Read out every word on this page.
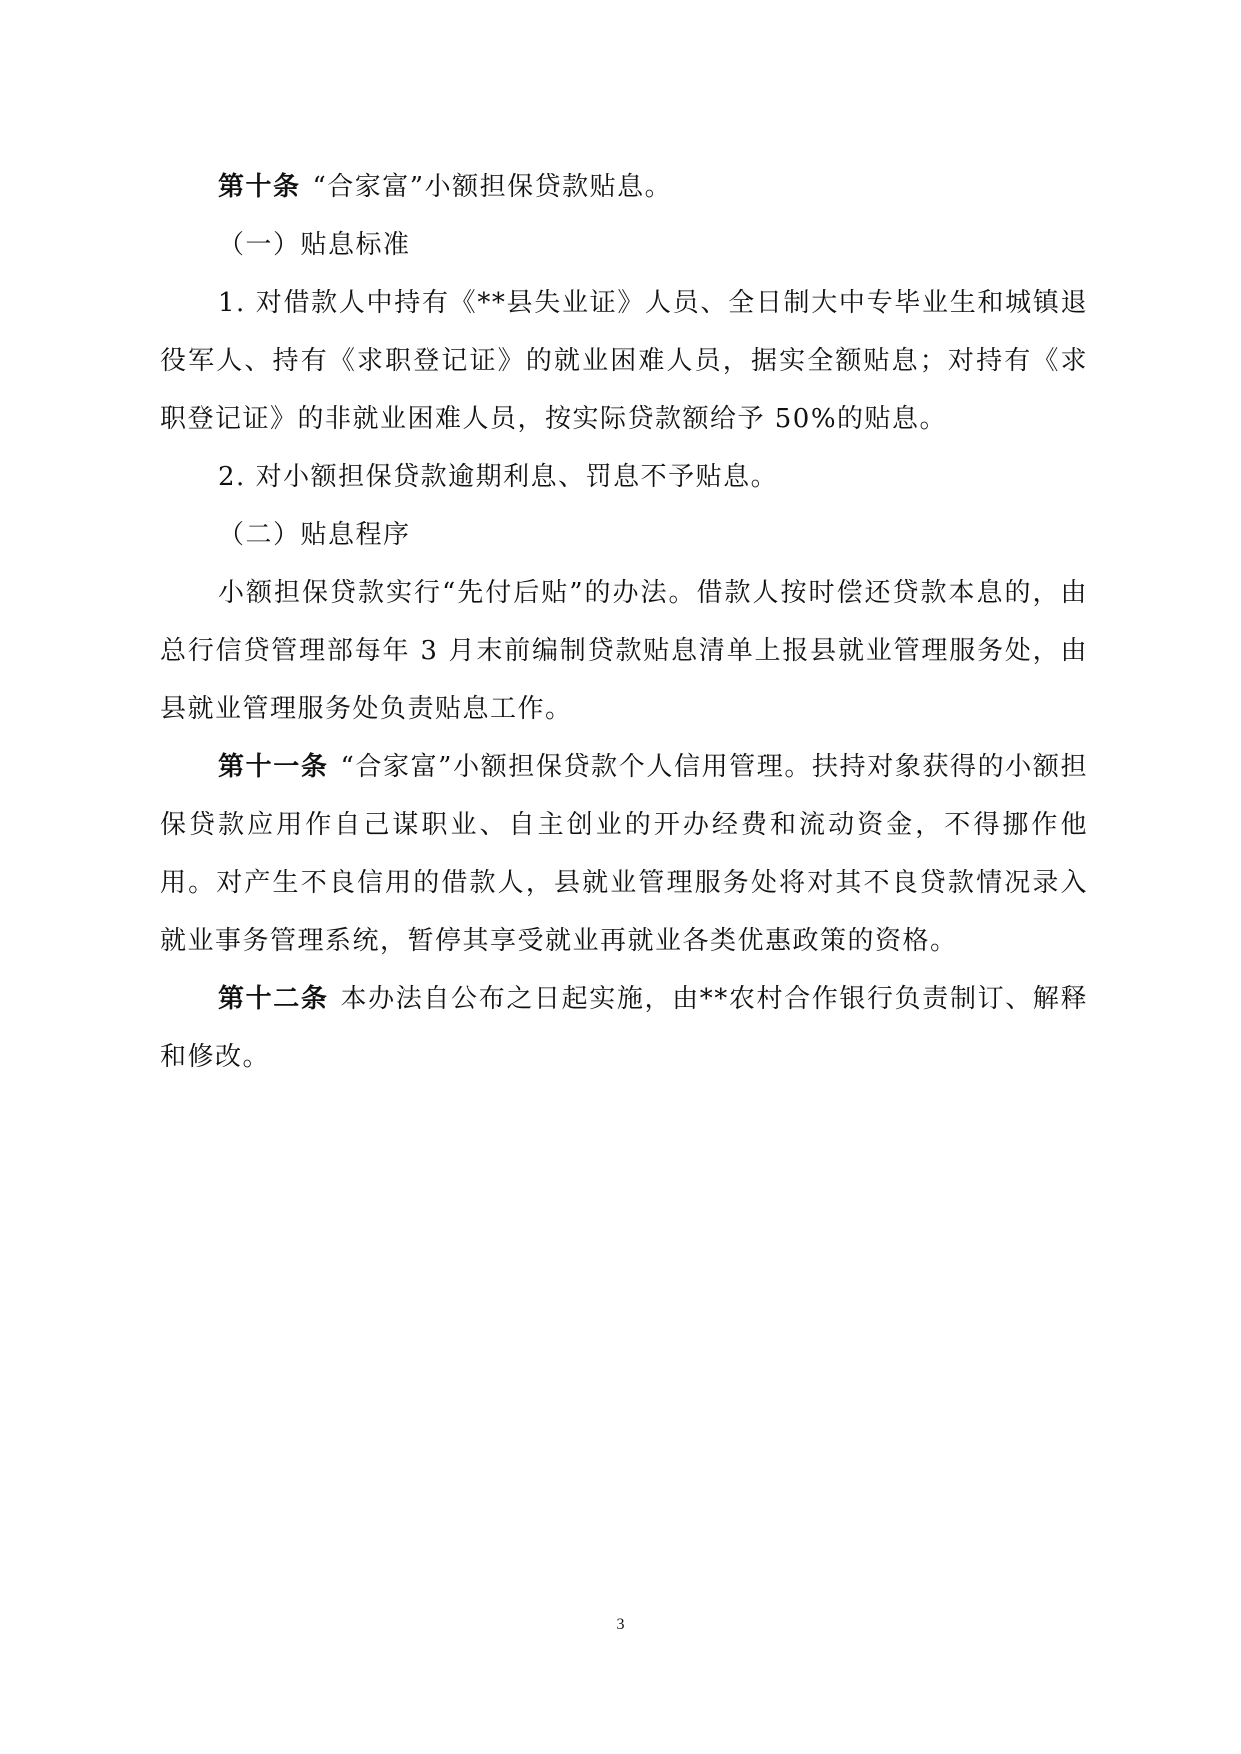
第十条 “合家富”小额担保贷款贴息。

（一）贴息标准

1. 对借款人中持有《**县失业证》人员、全日制大中专毕业生和城镇退役军人、持有《求职登记证》的就业困难人员，据实全额贴息；对持有《求职登记证》的非就业困难人员，按实际贷款额给予 50%的贴息。

2. 对小额担保贷款逾期利息、罚息不予贴息。

（二）贴息程序

小额担保贷款实行“先付后贴”的办法。借款人按时偿还贷款本息的，由总行信贷管理部每年 3 月末前编制贷款贴息清单上报县就业管理服务处，由县就业管理服务处负责贴息工作。

第十一条 “合家富”小额担保贷款个人信用管理。扶持对象获得的小额担保贷款应用作自己谋职业、自主创业的开办经费和流动资金，不得挪作他用。对产生不良信用的借款人，县就业管理服务处将对其不良贷款情况录入就业事务管理系统，暂停其享受就业再就业各类优惠政策的资格。

第十二条 本办法自公布之日起实施，由**农村合作银行负责制订、解释和修改。

3
